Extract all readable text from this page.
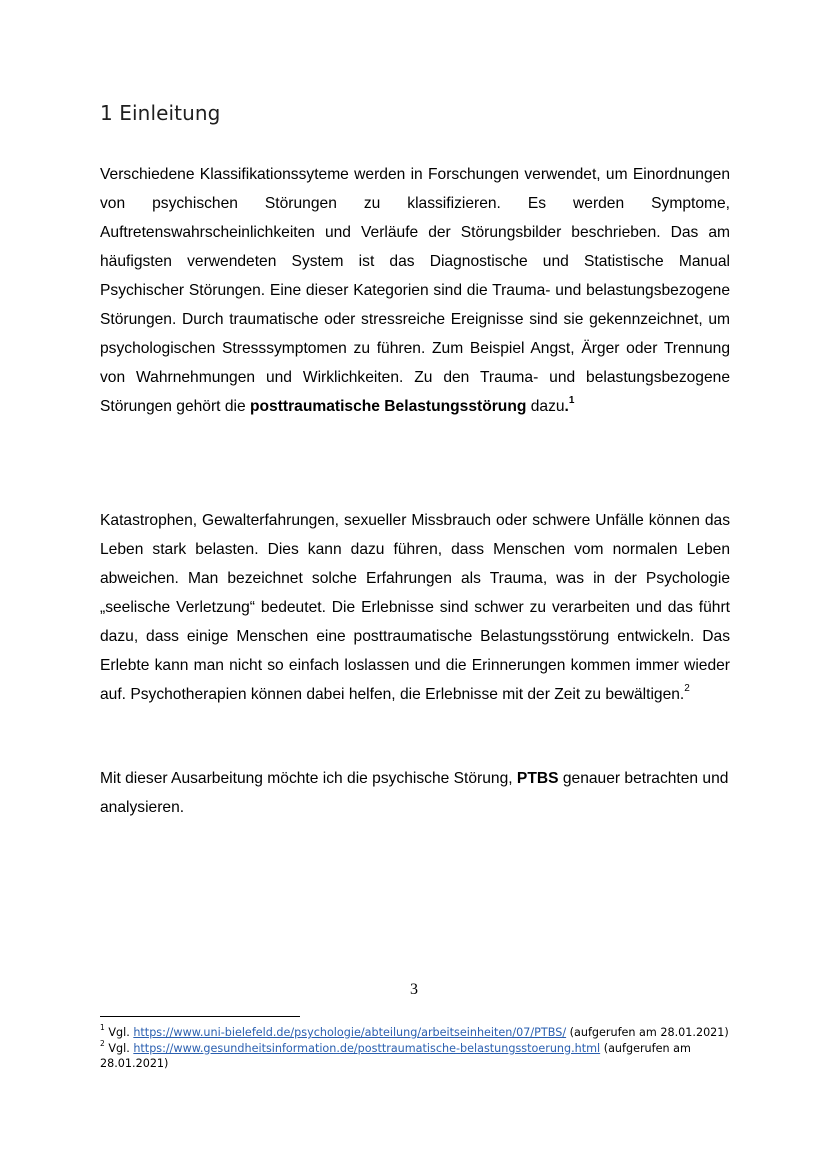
1 Einleitung

Verschiedene Klassifikationssyteme werden in Forschungen verwendet, um Einordnungen von psychischen Störungen zu klassifizieren. Es werden Symptome, Auftretenswahrscheinlichkeiten und Verläufe der Störungsbilder beschrieben. Das am häufigsten verwendeten System ist das Diagnostische und Statistische Manual Psychischer Störungen. Eine dieser Kategorien sind die Trauma- und belastungsbezogene Störungen. Durch traumatische oder stressreiche Ereignisse sind sie gekennzeichnet, um psychologischen Stresssymptomen zu führen. Zum Beispiel Angst, Ärger oder Trennung von Wahrnehmungen und Wirklichkeiten. Zu den Trauma- und belastungsbezogene Störungen gehört die posttraumatische Belastungsstörung dazu.$^1$

Katastrophen, Gewalterfahrungen, sexueller Missbrauch oder schwere Unfälle können das Leben stark belasten. Dies kann dazu führen, dass Menschen vom normalen Leben abweichen. Man bezeichnet solche Erfahrungen als Trauma, was in der Psychologie „seelische Verletzung“ bedeutet. Die Erlebnisse sind schwer zu verarbeiten und das führt dazu, dass einige Menschen eine posttraumatische Belastungsstörung entwickeln. Das Erlebte kann man nicht so einfach loslassen und die Erinnerungen kommen immer wieder auf. Psychotherapien können dabei helfen, die Erlebnisse mit der Zeit zu bewältigen.$^2$

Mit dieser Ausarbeitung möchte ich die psychische Störung, PTBS genauer betrachten und analysieren.

3

$^1$ Vgl. https://www.uni-bielefeld.de/psychologie/abteilung/arbeitseinheiten/07/PTBS/ (aufgerufen am 28.01.2021)

$^2$ Vgl. https://www.gesundheitsinformation.de/posttraumatische-belastungsstoerung.html (aufgerufen am 28.01.2021)
